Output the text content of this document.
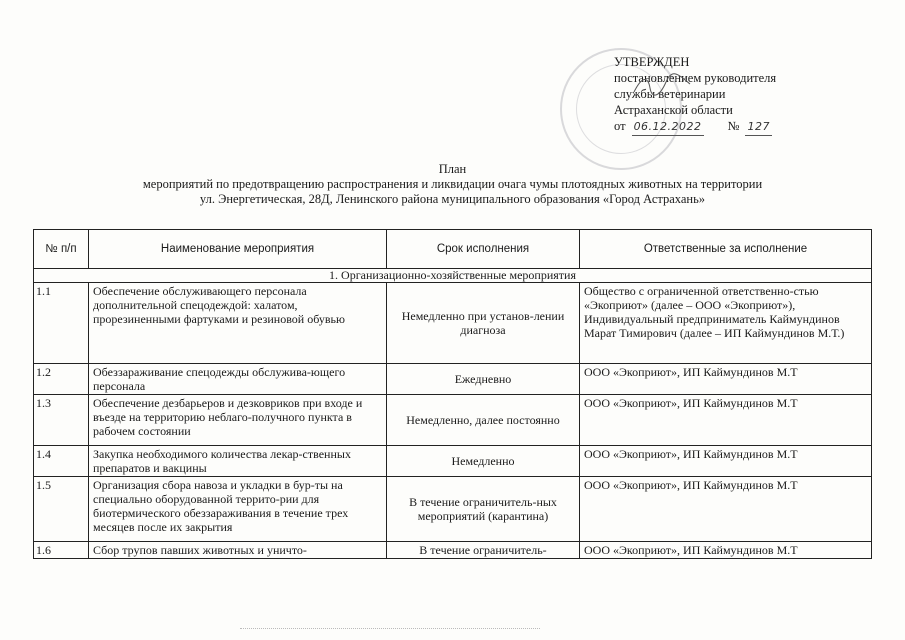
УТВЕРЖДЕН
постановлением руководителя
службы ветеринарии
Астраханской области
от 06.12.2022 № 127
План
мероприятий по предотвращению распространения и ликвидации очага чумы плотоядных животных на территории
ул. Энергетическая, 28Д, Ленинского района муниципального образования «Город Астрахань»
№ п/п	Наименование мероприятия	Срок исполнения	Ответственные за исполнение
1. Организационно-хозяйственные мероприятия			
1.1	Обеспечение обслуживающего персонала дополнительной спецодеждой: халатом, прорезиненными фартуками и резиновой обувью	Немедленно при установ-лении диагноза	Общество с ограниченной ответственно-стью «Экоприют» (далее – ООО «Экоприют»), Индивидуальный предприниматель Каймундинов Марат Тимирович (далее – ИП Каймундинов М.Т.)
1.2	Обеззараживание спецодежды обслужива-ющего персонала	Ежедневно	ООО «Экоприют», ИП Каймундинов М.Т
1.3	Обеспечение дезбарьеров и дезковриков при входе и въезде на территорию неблаго-получного пункта в рабочем состоянии	Немедленно, далее постоянно	ООО «Экоприют», ИП Каймундинов М.Т
1.4	Закупка необходимого количества лекар-ственных препаратов и вакцины	Немедленно	ООО «Экоприют», ИП Каймундинов М.Т
1.5	Организация сбора навоза и укладки в бур-ты на специально оборудованной террито-рии для биотермического обеззараживания в течение трех месяцев после их закрытия	В течение ограничитель-ных мероприятий (карантина)	ООО «Экоприют», ИП Каймундинов М.Т
1.6	Сбор трупов павших животных и уничто-	В течение ограничитель-	ООО «Экоприют», ИП Каймундинов М.Т
